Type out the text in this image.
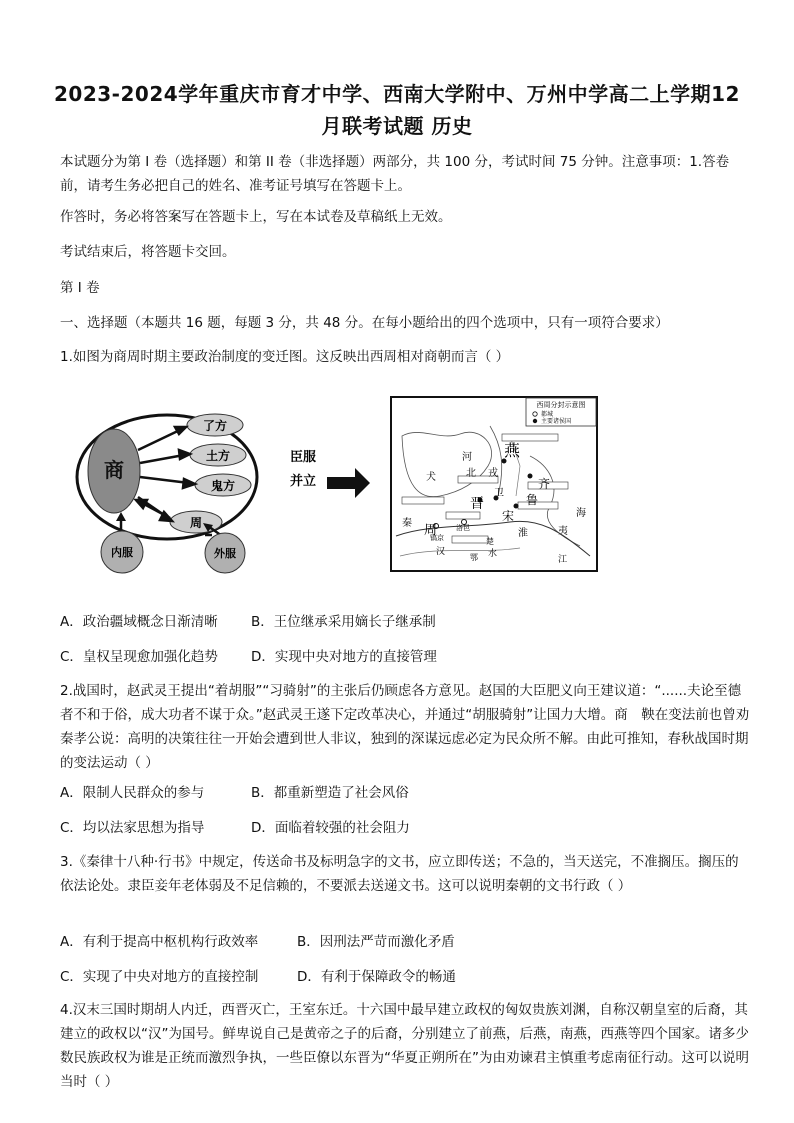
2023-2024学年重庆市育才中学、西南大学附中、万州中学高二上学期12
月联考试题 历史
本试题分为第 I 卷（选择题）和第 II 卷（非选择题）两部分，共 100 分，考试时间 75 分钟。注意事项：1.答卷前，请考生务必把自己的姓名、准考证号填写在答题卡上。
作答时，务必将答案写在答题卡上，写在本试卷及草稿纸上无效。
考试结束后，将答题卡交回。
第 I 卷
一、选择题（本题共 16 题，每题 3 分，共 48 分。在每小题给出的四个选项中，只有一项符合要求）
1.如图为商周时期主要政治制度的变迁图。这反映出西周相对商朝而言（ ）
商
了方
土方
鬼方
周
内服	外服
臣服
并立
西周分封示意图
都城
主要诸侯国
河
北 戎
犬
燕
晋
卫 鲁
齐
周
秦
镐京
洛邑
宋
淮	夷
汉	水
江
海
楚
鄂
A．政治疆域概念日渐清晰 B．王位继承采用嫡长子继承制
C．皇权呈现愈加强化趋势 D．实现中央对地方的直接管理
2.战国时，赵武灵王提出“着胡服”“习骑射”的主张后仍顾虑各方意见。赵国的大臣肥义向王建议道：“......夫论至德者不和于俗，成大功者不谋于众。”赵武灵王遂下定改革决心，并通过“胡服骑射”让国力大增。商　鞅在变法前也曾劝秦孝公说：高明的决策往往一开始会遭到世人非议，独到的深谋远虑必定为民众所不解。由此可推知，春秋战国时期的变法运动（ ）
A．限制人民群众的参与	B．都重新塑造了社会风俗
C．均以法家思想为指导	D．面临着较强的社会阻力
3.《秦律十八种·行书》中规定，传送命书及标明急字的文书，应立即传送；不急的，当天送完，不准搁压。搁压的依法论处。隶臣妾年老体弱及不足信赖的，不要派去送递文书。这可以说明秦朝的文书行政（ ）
A．有利于提高中枢机构行政效率	B．因刑法严苛而激化矛盾
C．实现了中央对地方的直接控制	D．有利于保障政令的畅通
4.汉末三国时期胡人内迁，西晋灭亡，王室东迁。十六国中最早建立政权的匈奴贵族刘渊，自称汉朝皇室的后裔，其建立的政权以“汉”为国号。鲜卑说自己是黄帝之子的后裔，分别建立了前燕，后燕，南燕，西燕等四个国家。诸多少数民族政权为谁是正统而激烈争执，一些臣僚以东晋为“华夏正朔所在”为由劝谏君主慎重考虑南征行动。这可以说明当时（ ）
